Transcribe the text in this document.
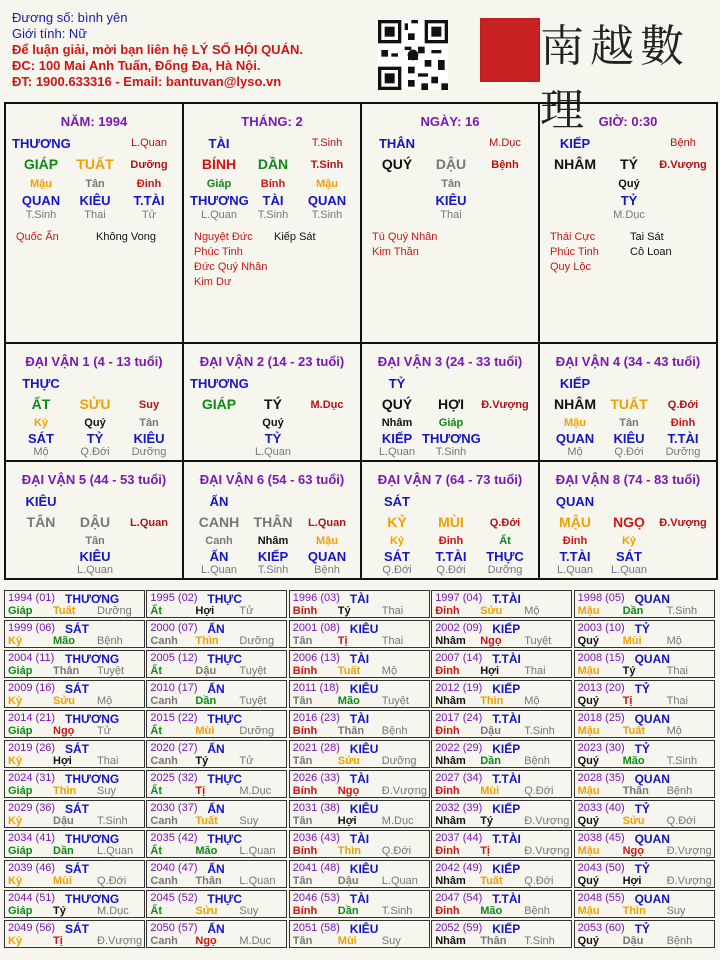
Đương số: bình yên
Giới tính: Nữ
Để luận giải, mời bạn liên hệ LÝ SỐ HỘI QUÁN.
ĐC: 100 Mai Anh Tuấn, Đống Đa, Hà Nội.
ĐT: 1900.633316 - Email: bantuvan@lyso.vn
南越數理
NĂM: 1994
THƯƠNG	L.Quan
GIÁP	TUẤT	Dưỡng
Mậu	Tân	Đinh
QUAN	KIÊU	T.TÀI
T.Sinh	Thai	Tử
Quốc Ấn	Không Vong
THÁNG: 2
TÀI	T.Sinh
BÍNH	DẦN	T.Sinh
Giáp	Bính	Mậu
THƯƠNG	TÀI	QUAN
L.Quan	T.Sinh	T.Sinh
Nguyệt Đức Kiếp Sát
Phúc Tinh
Đức Quý Nhân
Kim Dư
NGÀY: 16
THÂN	M.Dục
QUÝ	DẬU	Bệnh
Tân
KIÊU
Thai
Tú Quý Nhân
Kim Thần
GIỜ: 0:30
KIẾP	Bệnh
NHÂM	TÝ	Đ.Vượng
Quý
TỶ
M.Dục
Thái Cực	Tai Sát
Phúc Tinh	Cô Loan
Quy Lộc
ĐẠI VẬN 1 (4 - 13 tuổi)
THỰC
ẤT	SỬU	Suy
Kỷ	Quý	Tân
SÁT	TỶ	KIÊU
Mộ	Q.Đới	Dưỡng
ĐẠI VẬN 2 (14 - 23 tuổi)
THƯƠNG
GIÁP	TÝ	M.Dục
Quý
TỶ
L.Quan
ĐẠI VẬN 3 (24 - 33 tuổi)
TỶ
QUÝ	HỢI	Đ.Vượng
Nhâm	Giáp
KIẾP THƯƠNG
L.Quan	T.Sinh
ĐẠI VẬN 4 (34 - 43 tuổi)
KIẾP
NHÂM	TUẤT	Q.Đới
Mậu	Tân	Đinh
QUAN	KIÊU	T.TÀI
Mộ	Q.Đới	Dưỡng
ĐẠI VẬN 5 (44 - 53 tuổi)
KIÊU
TÂN	DẬU	L.Quan
Tân
KIÊU
L.Quan
ĐẠI VẬN 6 (54 - 63 tuổi)
ẤN
CANH	THÂN	L.Quan
Canh	Nhâm	Mậu
ẤN	KIẾP	QUAN
L.Quan	T.Sinh	Bệnh
ĐẠI VẬN 7 (64 - 73 tuổi)
SÁT
KỶ	MÙI	Q.Đới
Kỷ	Đinh	Ất
SÁT	T.TÀI	THỰC
Q.Đới	Q.Đới	Dưỡng
ĐẠI VẬN 8 (74 - 83 tuổi)
QUAN
MẬU	NGỌ	Đ.Vượng
Đinh	Kỷ
T.TÀI	SÁT
L.Quan	L.Quan
1994 (01) THƯƠNG
Giáp Tuất Dưỡng
1995 (02) THỰC
Ất	Hợi Tử
1996 (03) TÀI
Bính Tý	Thai
1997 (04) T.TÀI
Đinh Sửu Mộ
1998 (05) QUAN
Mậu Dần T.Sinh
1999 (06) SÁT
Kỷ	Mão Bệnh
2000 (07) ẤN
Canh Thìn Dưỡng
2001 (08) KIÊU
Tân Tị	Thai
2002 (09) KIẾP
Nhâm Ngọ Tuyệt
2003 (10) TỶ
Quý Mùi Mộ
2004 (11) THƯƠNG
Giáp Thân Tuyệt
2005 (12) THỰC
Ất	Dậu Tuyệt
2006 (13) TÀI
Bính Tuất Mộ
2007 (14) T.TÀI
Đinh Hợi Thai
2008 (15) QUAN
Mậu Tý	Thai
2009 (16) SÁT
Kỷ	Sửu Mộ
2010 (17) ẤN
Canh Dần Tuyệt
2011 (18) KIÊU
Tân Mão Tuyệt
2012 (19) KIẾP
Nhâm Thìn Mộ
2013 (20) TỶ
Quý Tị	Thai
2014 (21) THƯƠNG
Giáp Ngọ Tử
2015 (22) THỰC
Ất	Mùi Dưỡng
2016 (23) TÀI
Bính Thân Bệnh
2017 (24) T.TÀI
Đinh Dậu T.Sinh
2018 (25) QUAN
Mậu Tuất Mộ
2019 (26) SÁT
Kỷ	Hợi Thai
2020 (27) ẤN
Canh Tý	Tử
2021 (28) KIÊU
Tân Sửu Dưỡng
2022 (29) KIẾP
Nhâm Dần Bệnh
2023 (30) TỶ
Quý Mão T.Sinh
2024 (31) THƯƠNG
Giáp Thìn Suy
2025 (32) THỰC
Ất	Tị	M.Dục
2026 (33) TÀI
Bính Ngọ Đ.Vượng
2027 (34) T.TÀI
Đinh Mùi Q.Đới
2028 (35) QUAN
Mậu Thân Bệnh
2029 (36) SÁT
Kỷ	Dậu T.Sinh
2030 (37) ẤN
Canh Tuất Suy
2031 (38) KIÊU
Tân Hợi M.Dục
2032 (39) KIẾP
Nhâm Tý	Đ.Vượng
2033 (40) TỶ
Quý Sửu Q.Đới
2034 (41) THƯƠNG
Giáp Dần L.Quan
2035 (42) THỰC
Ất	Mão L.Quan
2036 (43) TÀI
Bính Thìn Q.Đới
2037 (44) T.TÀI
Đinh Tị	Đ.Vượng
2038 (45) QUAN
Mậu Ngọ Đ.Vượng
2039 (46) SÁT
Kỷ	Mùi Q.Đới
2040 (47) ẤN
Canh Thân L.Quan
2041 (48) KIÊU
Tân Dậu L.Quan
2042 (49) KIẾP
Nhâm Tuất Q.Đới
2043 (50) TỶ
Quý Hợi Đ.Vượng
2044 (51) THƯƠNG
Giáp Tý	M.Dục
2045 (52) THỰC
Ất	Sửu Suy
2046 (53) TÀI
Bính Dần T.Sinh
2047 (54) T.TÀI
Đinh Mão Bệnh
2048 (55) QUAN
Mậu Thìn Suy
2049 (56) SÁT
Kỷ	Tị	Đ.Vượng
2050 (57) ẤN
Canh Ngọ M.Dục
2051 (58) KIÊU
Tân Mùi Suy
2052 (59) KIẾP
Nhâm Thân T.Sinh
2053 (60) TỶ
Quý Dậu Bệnh
